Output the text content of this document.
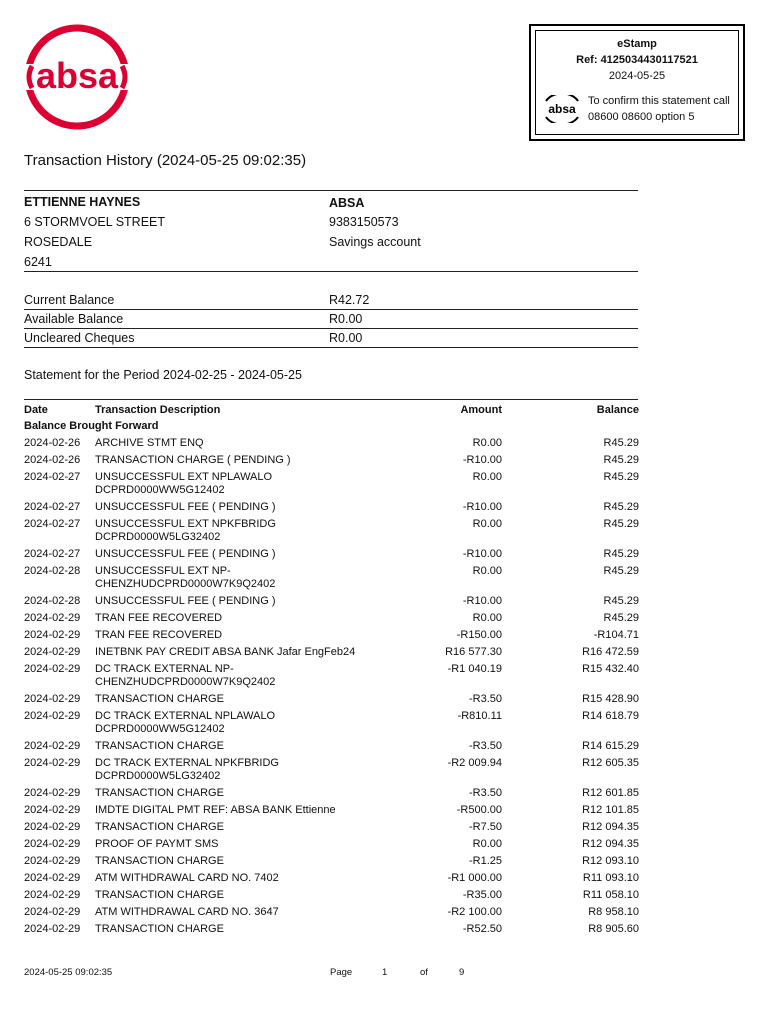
absa
eStamp
Ref: 4125034430117521
2024-05-25
absa
To confirm this statement call
08600 08600 option 5
Transaction History (2024-05-25 09:02:35)
ETTIENNE HAYNES
6 STORMVOEL STREET
ROSEDALE
6241
ABSA
9383150573
Savings account
Current Balance	R42.72
Available Balance	R0.00
Uncleared Cheques	R0.00
Statement for the Period 2024-02-25 - 2024-05-25
Date	Transaction Description	Amount	Balance
Balance Brought Forward
2024-02-26 ARCHIVE STMT ENQ	R0.00	R45.29
2024-02-26 TRANSACTION CHARGE ( PENDING )	-R10.00	R45.29
2024-02-27 UNSUCCESSFUL EXT NPLAWALO
DCPRD0000WW5G12402
R0.00	R45.29
2024-02-27 UNSUCCESSFUL FEE ( PENDING )	-R10.00	R45.29
2024-02-27 UNSUCCESSFUL EXT NPKFBRIDG
DCPRD0000W5LG32402
R0.00	R45.29
2024-02-27 UNSUCCESSFUL FEE ( PENDING )	-R10.00	R45.29
2024-02-28 UNSUCCESSFUL EXT NP-
CHENZHUDCPRD0000W7K9Q2402
R0.00	R45.29
2024-02-28 UNSUCCESSFUL FEE ( PENDING )	-R10.00	R45.29
2024-02-29 TRAN FEE RECOVERED	R0.00	R45.29
2024-02-29 TRAN FEE RECOVERED	-R150.00	-R104.71
2024-02-29 INETBNK PAY CREDIT ABSA BANK Jafar EngFeb24	R16 577.30	R16 472.59
2024-02-29 DC TRACK EXTERNAL NP-
CHENZHUDCPRD0000W7K9Q2402
-R1 040.19	R15 432.40
2024-02-29 TRANSACTION CHARGE	-R3.50	R15 428.90
2024-02-29 DC TRACK EXTERNAL NPLAWALO
DCPRD0000WW5G12402
-R810.11	R14 618.79
2024-02-29 TRANSACTION CHARGE	-R3.50	R14 615.29
2024-02-29 DC TRACK EXTERNAL NPKFBRIDG
DCPRD0000W5LG32402
-R2 009.94	R12 605.35
2024-02-29 TRANSACTION CHARGE	-R3.50	R12 601.85
2024-02-29 IMDTE DIGITAL PMT REF: ABSA BANK Ettienne	-R500.00	R12 101.85
2024-02-29 TRANSACTION CHARGE	-R7.50	R12 094.35
2024-02-29 PROOF OF PAYMT SMS	R0.00	R12 094.35
2024-02-29 TRANSACTION CHARGE	-R1.25	R12 093.10
2024-02-29 ATM WITHDRAWAL CARD NO. 7402	-R1 000.00	R11 093.10
2024-02-29 TRANSACTION CHARGE	-R35.00	R11 058.10
2024-02-29 ATM WITHDRAWAL CARD NO. 3647	-R2 100.00	R8 958.10
2024-02-29 TRANSACTION CHARGE	-R52.50	R8 905.60
2024-05-25 09:02:35	Page	1	of	9
